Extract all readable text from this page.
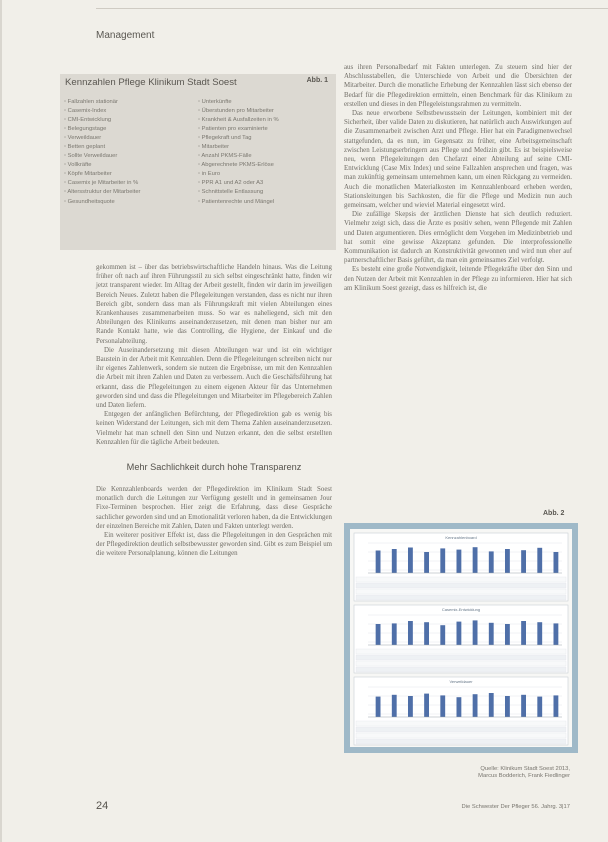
Management
Kennzahlen Pflege Klinikum Stadt Soest	Abb. 1
▫ Fallzahlen stationär
▫ Casemix-Index
▫ CMI-Entwicklung
▫ Belegungstage
▫ Verweildauer
▫ Betten geplant
▫ Sollte Verweildauer
▫ Vollkräfte
▫ Köpfe Mitarbeiter
▫ Casemix je Mitarbeiter in %
▫ Altersstruktur der Mitarbeiter
▫ Gesundheitsquote
▫ Unterkünfte
▫ Überstunden pro Mitarbeiter
▫ Krankheit & Ausfallzeiten in %
▫ Patienten pro examinierte
▫ Pflegekraft und Tag
▫ Mitarbeiter
▫ Anzahl PKMS-Fälle
▫ Abgerechnete PKMS-Erlöse
▫ in Euro
▫ PPR A1 und A2 oder A3
▫ Schnittstelle Entlassung
▫ Patientenrechte und Mängel

gekommen ist – über das betriebswirtschaftliche Handeln hinaus. Was die Leitung früher oft nach auf ihren Führungsstil zu sich selbst eingeschränkt hatte, finden wir jetzt transparent wieder. Im Alltag der Arbeit gestellt, finden wir darin im jeweiligen Bereich Neues. Zuletzt haben die Pflegeleitungen verstanden, dass es nicht nur ihren Bereich gibt, sondern dass man als Führungskraft mit vielen Abteilungen eines Krankenhauses zusammenarbeiten muss. So war es naheliegend, sich mit den Abteilungen des Klinikums auseinanderzusetzen, mit denen man bisher nur am Rande Kontakt hatte, wie das Controlling, die Hygiene, der Einkauf und die Personalabteilung.

Die Auseinandersetzung mit diesen Abteilungen war und ist ein wichtiger Baustein in der Arbeit mit Kennzahlen. Denn die Pflegeleitungen schreiben nicht nur ihr eigenes Zahlenwerk, sondern sie nutzen die Ergebnisse, um mit den Kennzahlen die Arbeit mit ihren Zahlen und Daten zu verbessern. Auch die Geschäftsführung hat erkannt, dass die Pflegeleitungen zu einem eigenen Akteur für das Unternehmen geworden sind und dass die Pflegeleitungen und Mitarbeiter im Pflegebereich Zahlen und Daten liefern.

Entgegen der anfänglichen Befürchtung, der Pflegedirektion gab es wenig bis keinen Widerstand der Leitungen, sich mit dem Thema Zahlen auseinanderzusetzen. Vielmehr hat man schnell den Sinn und Nutzen erkannt, den die selbst erstellten Kennzahlen für die tägliche Arbeit bedeuten.

Mehr Sachlichkeit durch hohe Transparenz

Die Kennzahlenboards werden der Pflegedirektion im Klinikum Stadt Soest monatlich durch die Leitungen zur Verfügung gestellt und in gemeinsamen Jour Fixe-Terminen besprochen. Hier zeigt die Erfahrung, dass diese Gespräche sachlicher geworden sind und an Emotionalität verloren haben, da die Entwicklungen der einzelnen Bereiche mit Zahlen, Daten und Fakten unterlegt werden.

Ein weiterer positiver Effekt ist, dass die Pflegeleitungen in den Gesprächen mit der Pflegedirektion deutlich selbstbewusster geworden sind. Gibt es zum Beispiel um die weitere Personalplanung, können die Leitungen

aus ihren Personalbedarf mit Fakten unterlegen. Zu steuern sind hier der Abschlusstabellen, die Unterschiede von Arbeit und die Übersichten der Mitarbeiter. Durch die monatliche Erhebung der Kennzahlen lässt sich ebenso der Bedarf für die Pflegedirektion ermitteln, einen Benchmark für das Klinikum zu erstellen und dieses in den Pflegeleistungsrahmen zu vermitteln.

Das neue erworbene Selbstbewusstsein der Leitungen, kombiniert mit der Sicherheit, über valide Daten zu diskutieren, hat natürlich auch Auswirkungen auf die Zusammenarbeit zwischen Arzt und Pflege. Hier hat ein Paradigmenwechsel stattgefunden, da es nun, im Gegensatz zu früher, eine Arbeitsgemeinschaft zwischen Leistungserbringern aus Pflege und Medizin gibt. Es ist beispielsweise neu, wenn Pflegeleitungen den Chefarzt einer Abteilung auf seine CMI-Entwicklung (Case Mix Index) und seine Fallzahlen ansprechen und fragen, was man zukünftig gemeinsam unternehmen kann, um einen Rückgang zu vermeiden. Auch die monatlichen Materialkosten im Kennzahlenboard erheben werden, Stationsleitungen bis Sachkosten, die für die Pflege und Medizin nun auch gemeinsam, welcher und wieviel Material eingesetzt wird.

Die zufällige Skepsis der ärztlichen Dienste hat sich deutlich reduziert. Vielmehr zeigt sich, dass die Ärzte es positiv sehen, wenn Pflegende mit Zahlen und Daten argumentieren. Dies ermöglicht dem Vorgehen im Medizinbetrieb und hat somit eine gewisse Akzeptanz gefunden. Die interprofessionelle Kommunikation ist dadurch an Konstruktivität gewonnen und wird nun eher auf partnerschaftlicher Basis geführt, da man ein gemeinsames Ziel verfolgt.

Es besteht eine große Notwendigkeit, leitende Pflegekräfte über den Sinn und den Nutzen der Arbeit mit Kennzahlen in der Pflege zu informieren. Hier hat sich am Klinikum Soest gezeigt, dass es hilfreich ist, die

Abb. 2
Kennzahlenboard
Casemix-Entwicklung
Verweildauer
Quelle: Klinikum Stadt Soest 2013,
Marcus Bodderich, Frank Fiedlinger
24	Die Schwester Der Pfleger 56. Jahrg. 3|17
